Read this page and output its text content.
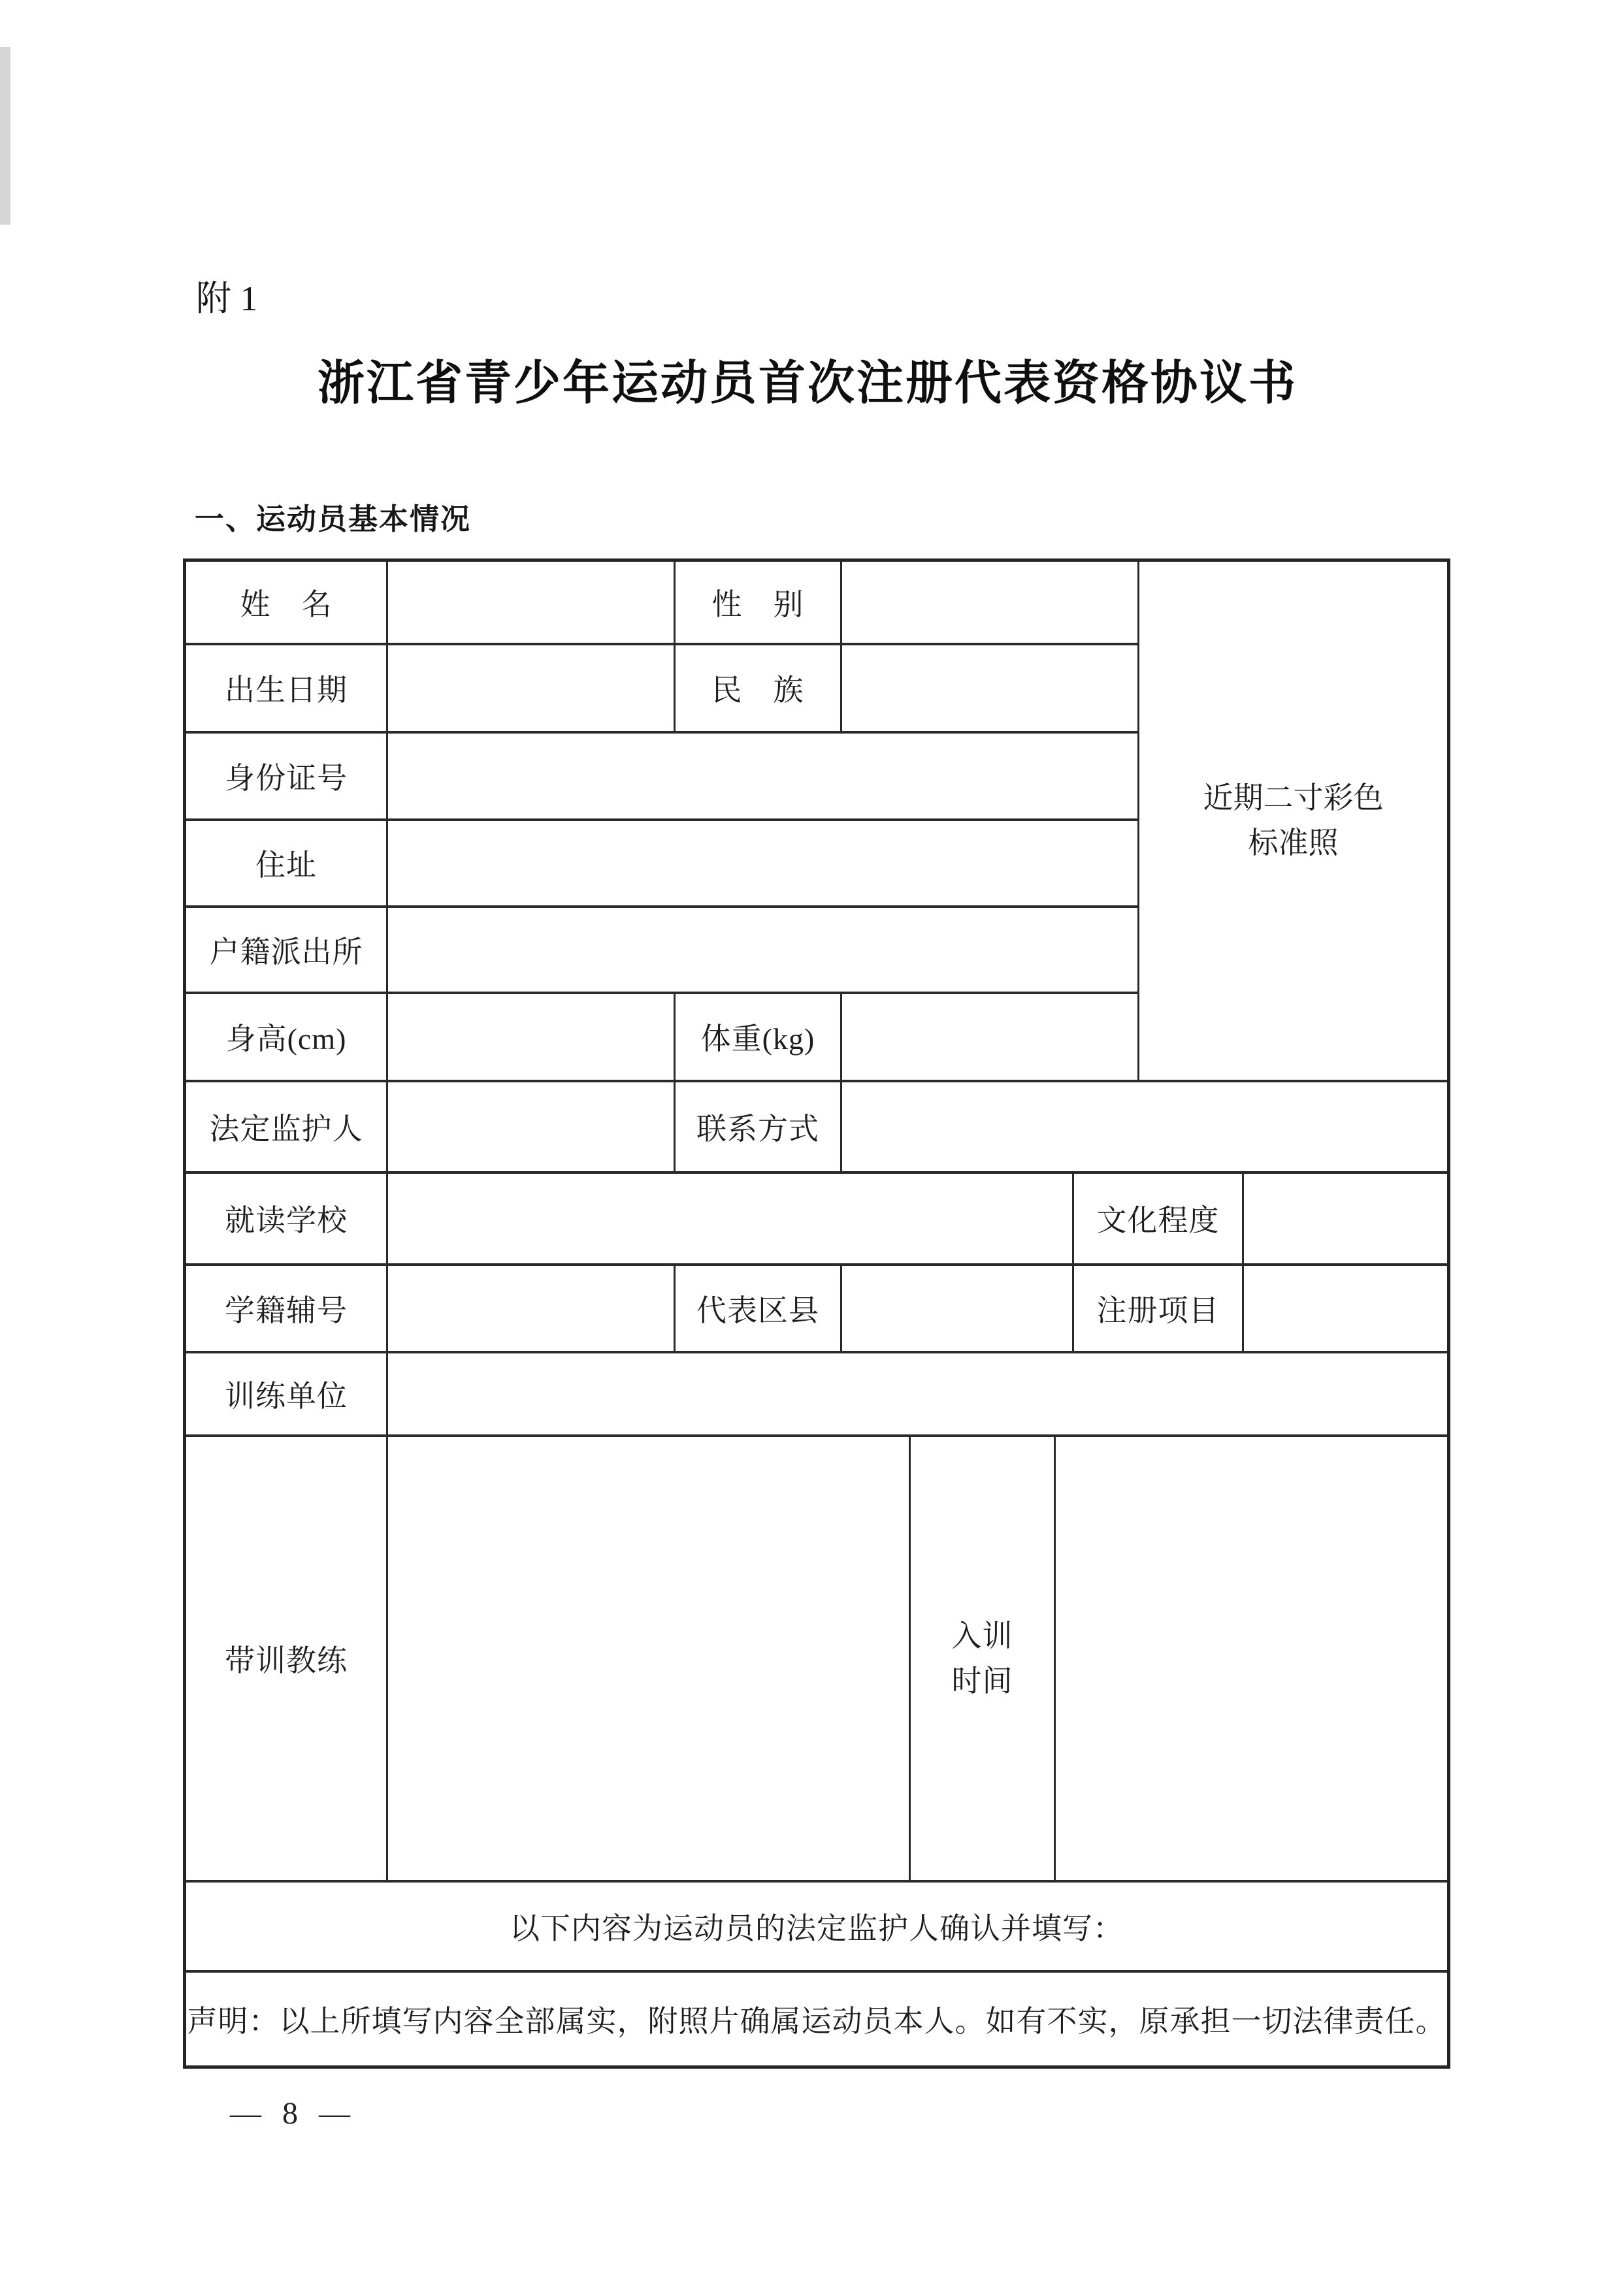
附 1
浙江省青少年运动员首次注册代表资格协议书
一、运动员基本情况
姓　名		性　别					近期二寸彩色
标准照	

出生日期		民　族						
身份证号								
住址								
户籍派出所								
身高(cm)		体重(kg)						
法定监护人		联系方式						
就读学校						文化程度		
学籍辅号		代表区县				注册项目		
训练单位								
带训教练				入训
时间				

以下内容为运动员的法定监护人确认并填写：								
声明：以上所填写内容全部属实，附照片确属运动员本人。如有不实，原承担一切法律责任。								
— 8 —
